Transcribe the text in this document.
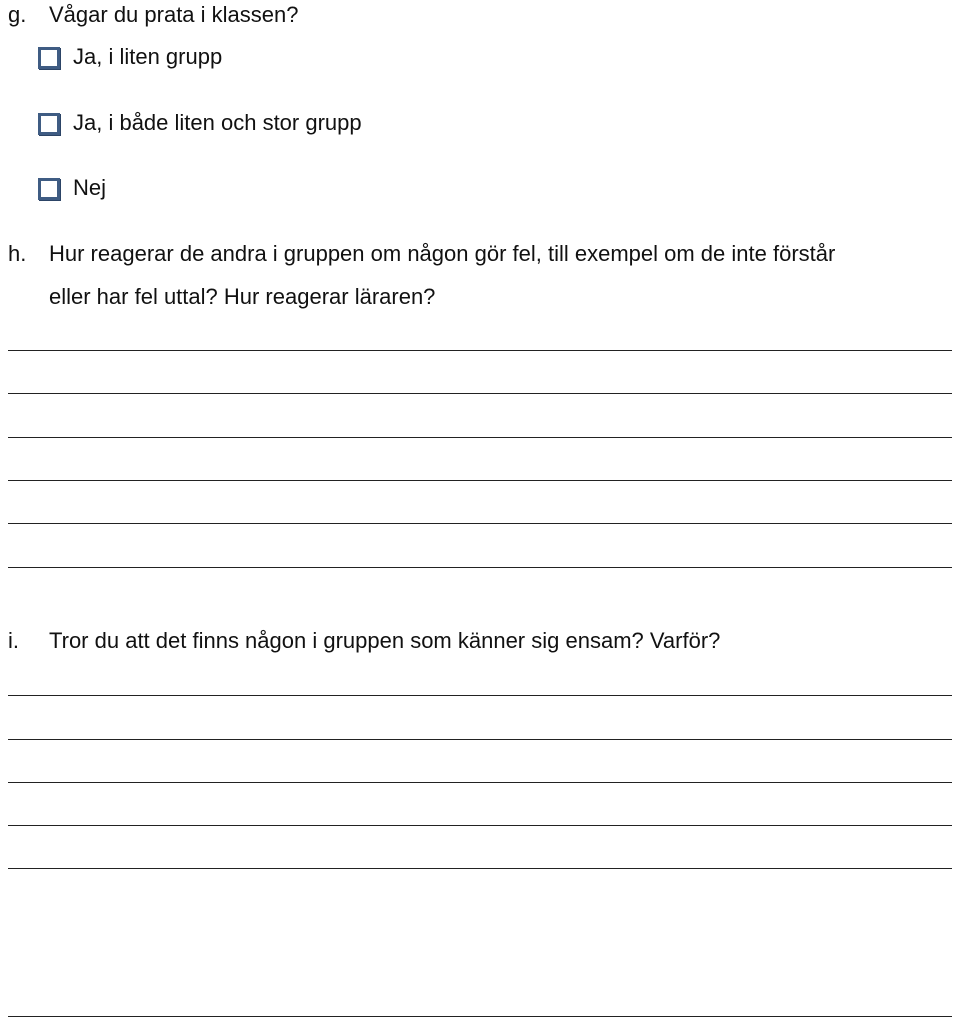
g. Vågar du prata i klassen?
Ja, i liten grupp
Ja, i både liten och stor grupp
Nej
h. Hur reagerar de andra i gruppen om någon gör fel, till exempel om de inte förstår
eller har fel uttal? Hur reagerar läraren?
i. Tror du att det finns någon i gruppen som känner sig ensam? Varför?
